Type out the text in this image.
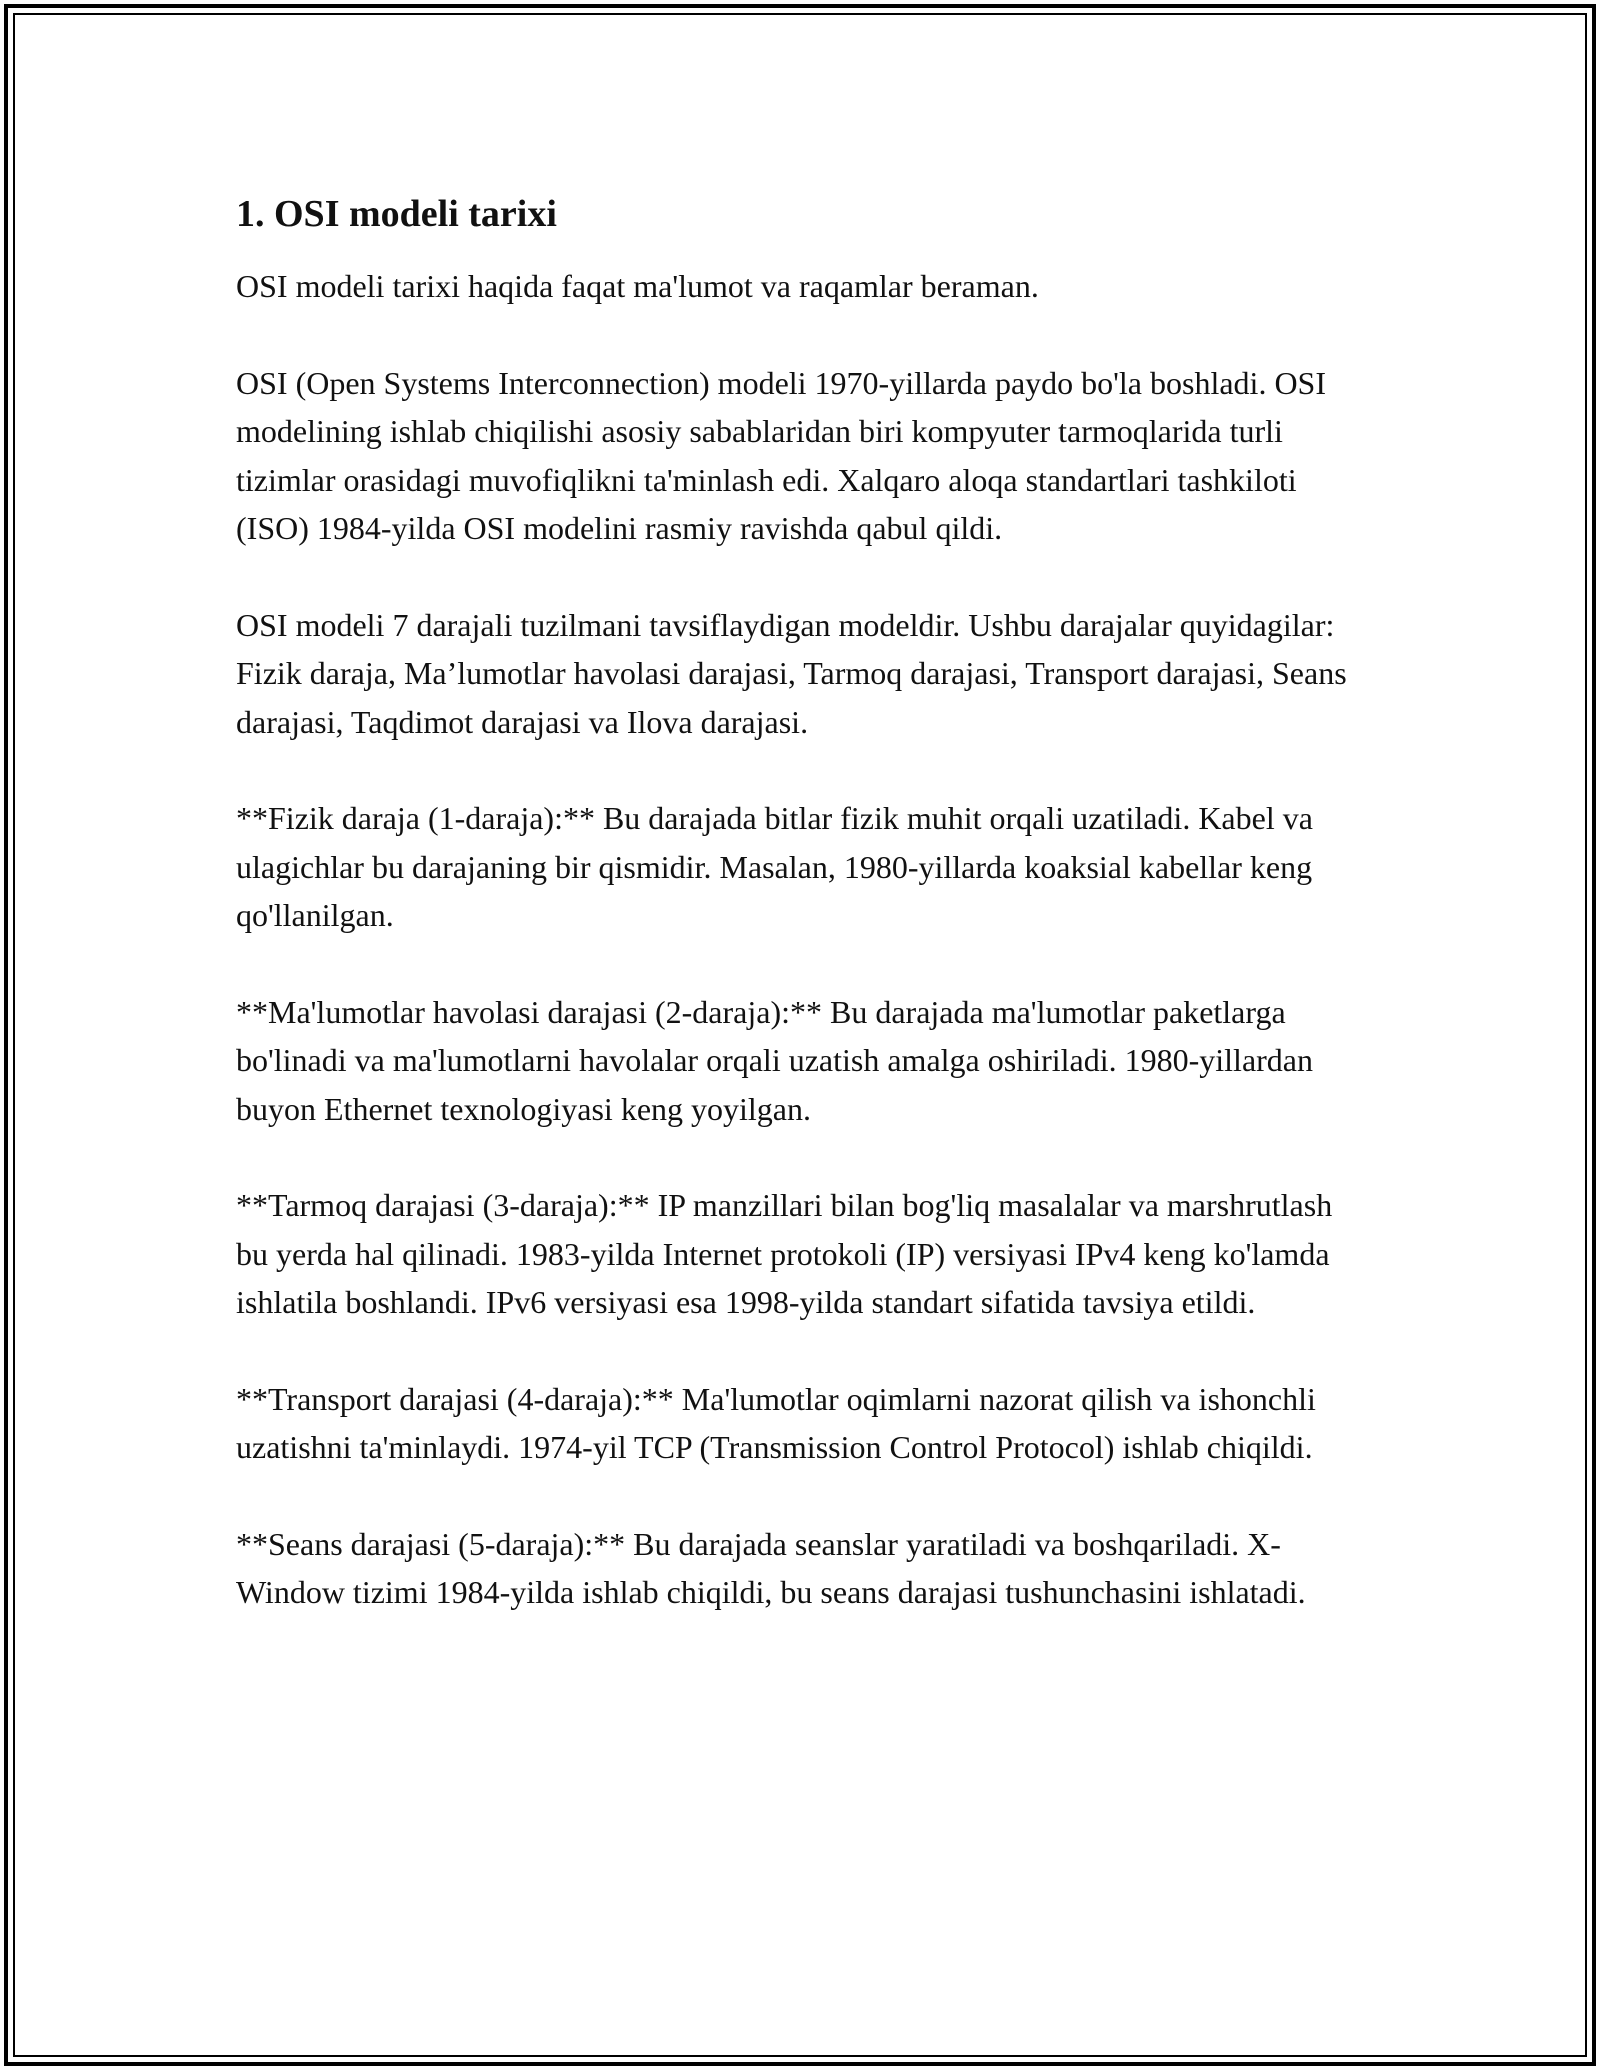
1. OSI modeli tarixi

OSI modeli tarixi haqida faqat ma'lumot va raqamlar beraman.

OSI (Open Systems Interconnection) modeli 1970-yillarda paydo bo'la boshladi. OSI modelining ishlab chiqilishi asosiy sabablaridan biri kompyuter tarmoqlarida turli tizimlar orasidagi muvofiqlikni ta'minlash edi. Xalqaro aloqa standartlari tashkiloti (ISO) 1984-yilda OSI modelini rasmiy ravishda qabul qildi.

OSI modeli 7 darajali tuzilmani tavsiflaydigan modeldir. Ushbu darajalar quyidagilar: Fizik daraja, Ma’lumotlar havolasi darajasi, Tarmoq darajasi, Transport darajasi, Seans darajasi, Taqdimot darajasi va Ilova darajasi.

**Fizik daraja (1-daraja):** Bu darajada bitlar fizik muhit orqali uzatiladi. Kabel va ulagichlar bu darajaning bir qismidir. Masalan, 1980-yillarda koaksial kabellar keng qo'llanilgan.

**Ma'lumotlar havolasi darajasi (2-daraja):** Bu darajada ma'lumotlar paketlarga bo'linadi va ma'lumotlarni havolalar orqali uzatish amalga oshiriladi. 1980-yillardan buyon Ethernet texnologiyasi keng yoyilgan.

**Tarmoq darajasi (3-daraja):** IP manzillari bilan bog'liq masalalar va marshrutlash bu yerda hal qilinadi. 1983-yilda Internet protokoli (IP) versiyasi IPv4 keng ko'lamda ishlatila boshlandi. IPv6 versiyasi esa 1998-yilda standart sifatida tavsiya etildi.

**Transport darajasi (4-daraja):** Ma'lumotlar oqimlarni nazorat qilish va ishonchli uzatishni ta'minlaydi. 1974-yil TCP (Transmission Control Protocol) ishlab chiqildi.

**Seans darajasi (5-daraja):** Bu darajada seanslar yaratiladi va boshqariladi. X-Window tizimi 1984-yilda ishlab chiqildi, bu seans darajasi tushunchasini ishlatadi.
